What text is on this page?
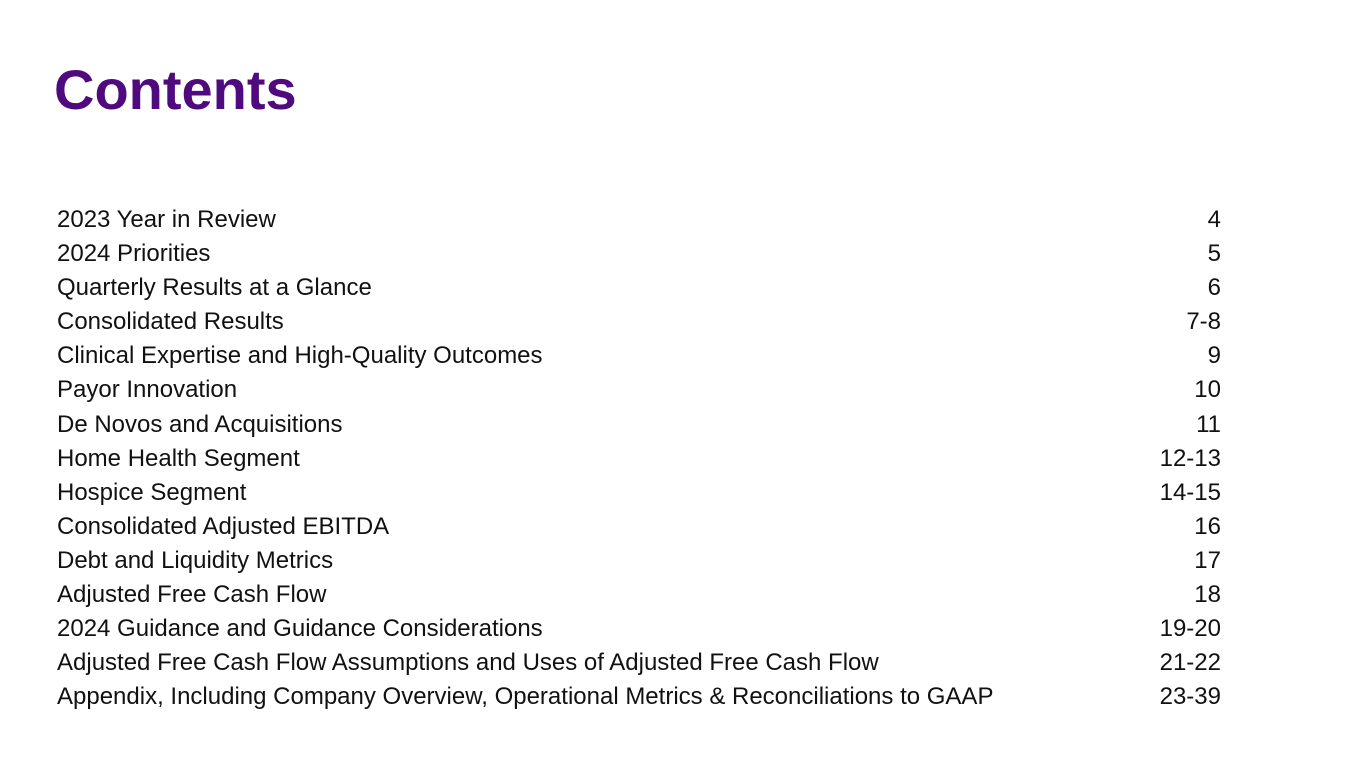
Contents
2023 Year in Review	4
2024 Priorities	5
Quarterly Results at a Glance	6
Consolidated Results	7-8
Clinical Expertise and High-Quality Outcomes	9
Payor Innovation	10
De Novos and Acquisitions	11
Home Health Segment	12-13
Hospice Segment	14-15
Consolidated Adjusted EBITDA	16
Debt and Liquidity Metrics	17
Adjusted Free Cash Flow	18
2024 Guidance and Guidance Considerations	19-20
Adjusted Free Cash Flow Assumptions and Uses of Adjusted Free Cash Flow	21-22
Appendix, Including Company Overview, Operational Metrics & Reconciliations to GAAP	23-39
